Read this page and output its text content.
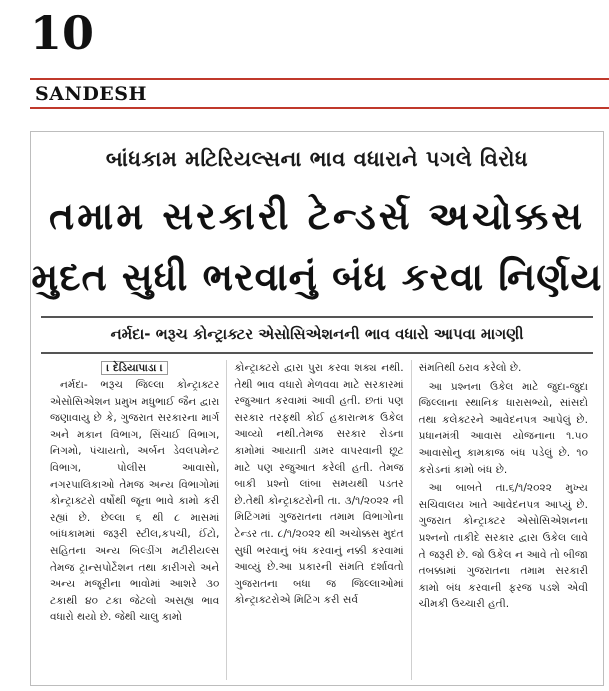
10
SANDESH
બાંધકામ મટિરિયલ્સના ભાવ વધારાને પગલે વિરોધ
તમામ સરકારી ટેન્ડર્સ અચોક્કસ
મુદત સુધી ભરવાનું બંધ કરવા નિર્ણય
નર્મદા- ભરૂચ કોન્ટ્રાક્ટર એસોસિએશનની ભાવ વધારો આપવા માગણી
। દેડિયાપાડા ।

નર્મદા- ભરૂચ જિલ્લા કોન્ટ્રાક્ટર એસોસિએશન પ્રમુખ મધુભાઈ જૈન દ્વારા જણાવાયુ છે કે, ગુજરાત સરકારના માર્ગ અને મકાન વિભાગ, સિંચાઈ વિભાગ, નિગમો, પંચાયતો, અર્બન ડેવલપમેન્ટ વિભાગ, પોલીસ આવાસો, નગરપાલિકાઓ તેમજ અન્ય વિભાગોમાં કોન્ટ્રાક્ટરો વર્ષોથી જૂના ભાવે કામો કરી રહ્યાં છે. છેલ્લા ૬ થી ૮ માસમાં બાંધકામમાં જરૂરી સ્ટીલ,કપચી, ઈંટો, સહિતના અન્ય બિલ્ડીંગ મટીરીયલ્સ તેમજ ટ્રાન્સપોર્ટેશન તથા કારીગરો અને અન્ય મજૂરીના ભાવોમાં આશરે ૩૦ ટકાથી ૪૦ ટકા જેટલો અસહ્ય ભાવ વધારો થયો છે. જેથી ચાલુ કામો

કોન્ટ્રાક્ટરો દ્વારા પુરા કરવા શક્ય નથી. તેથી ભાવ વધારો મેળવવા માટે સરકારમાં રજુઆત કરવામાં આવી હતી. છતાં પણ સરકાર તરફથી કોઈ હકારાત્મક ઉકેલ આવ્યો નથી.તેમજ સરકાર રોડના કામોમાં આયાતી ડામર વાપરવાની છૂટ માટે પણ રજુઆત કરેલી હતી. તેમજ બાકી પ્રશ્નો લાંબા સમયથી પડતર છે.તેથી કોન્ટ્રાક્ટરોની તા. ૩/૧/૨૦૨૨ ની મિટિંગમાં ગુજરાતના તમામ વિભાગોના ટેન્ડર તા. ૮/૧/૨૦૨૨ થી અચોક્કસ મુદત સુધી ભરવાનું બંધ કરવાનું નક્કી કરવામાં આવ્યું છે.આ પ્રકારની સંમતિ દર્શાવતો ગુજરાતના બધા જ જિલ્લાઓમાં કોન્ટ્રાક્ટરોએ મિટિંગ કરી સર્વ

સંમતિથી ઠરાવ કરેલો છે.

આ પ્રશ્નના ઉકેલ માટે જુદા-જુદા જિલ્લાના સ્થાનિક ધારાસભ્યો, સાંસદો તથા કલેક્ટરને આવેદનપત્ર આપેલું છે. પ્રધાનમંત્રી આવાસ યોજનાના ૧.૫૦ આવાસોનુ કામકાજ બંધ પડેલું છે. ૧૦ કરોડનાં કામો બંધ છે.

આ બાબતે તા.૬/૧/૨૦૨૨ મુખ્ય સચિવાલય ખાતે આવેદનપત્ર આપ્યું છે. ગુજરાત કોન્ટ્રાક્ટર એસોસિએશનના પ્રશ્નનો તાકીદે સરકાર દ્વારા ઉકેલ લાવે તે જરૂરી છે. જો ઉકેલ ન આવે તો બીજા તબક્કામાં ગુજરાતના તમામ સરકારી કામો બંધ કરવાની ફરજ પડશે એવી ચીમકી ઉચ્ચારી હતી.
